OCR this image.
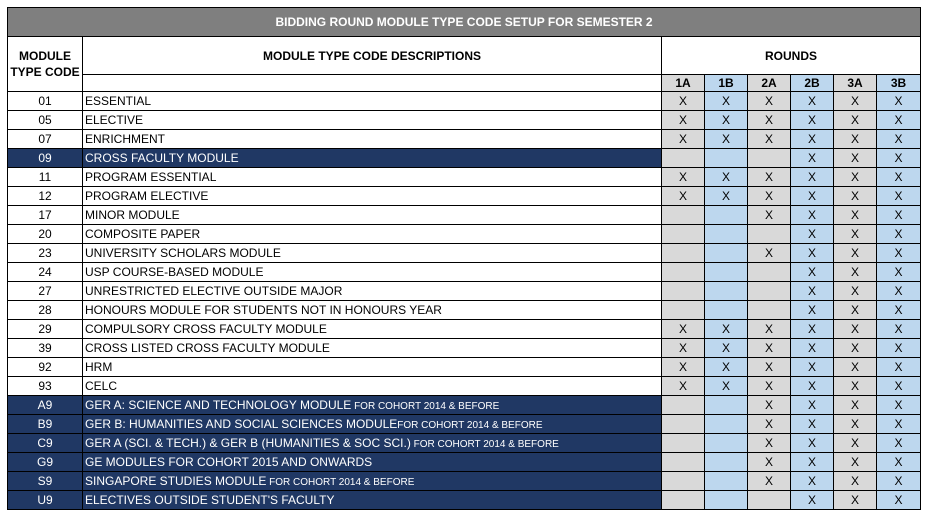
BIDDING ROUND MODULE TYPE CODE SETUP FOR SEMESTER 2							
MODULE TYPE CODE	MODULE TYPE CODE DESCRIPTIONS	ROUNDS					
		1A	1B	2A	2B	3A	3B
01	ESSENTIAL	X	X	X	X	X	X
05	ELECTIVE	X	X	X	X	X	X
07	ENRICHMENT	X	X	X	X	X	X
09	CROSS FACULTY MODULE				X	X	X
11	PROGRAM ESSENTIAL	X	X	X	X	X	X
12	PROGRAM ELECTIVE	X	X	X	X	X	X
17	MINOR MODULE			X	X	X	X
20	COMPOSITE PAPER				X	X	X
23	UNIVERSITY SCHOLARS MODULE			X	X	X	X
24	USP COURSE-BASED MODULE				X	X	X
27	UNRESTRICTED ELECTIVE OUTSIDE MAJOR				X	X	X
28	HONOURS MODULE FOR STUDENTS NOT IN HONOURS YEAR				X	X	X
29	COMPULSORY CROSS FACULTY MODULE	X	X	X	X	X	X
39	CROSS LISTED CROSS FACULTY MODULE	X	X	X	X	X	X
92	HRM	X	X	X	X	X	X
93	CELC	X	X	X	X	X	X
A9	GER A: SCIENCE AND TECHNOLOGY MODULE FOR COHORT 2014 & BEFORE			X	X	X	X
B9	GER B: HUMANITIES AND SOCIAL SCIENCES MODULEFOR COHORT 2014 & BEFORE			X	X	X	X
C9	GER A (SCI. & TECH.) & GER B (HUMANITIES & SOC SCI.) FOR COHORT 2014 & BEFORE			X	X	X	X
G9	GE MODULES FOR COHORT 2015 AND ONWARDS			X	X	X	X
S9	SINGAPORE STUDIES MODULE FOR COHORT 2014 & BEFORE			X	X	X	X
U9	ELECTIVES OUTSIDE STUDENT'S FACULTY				X	X	X
